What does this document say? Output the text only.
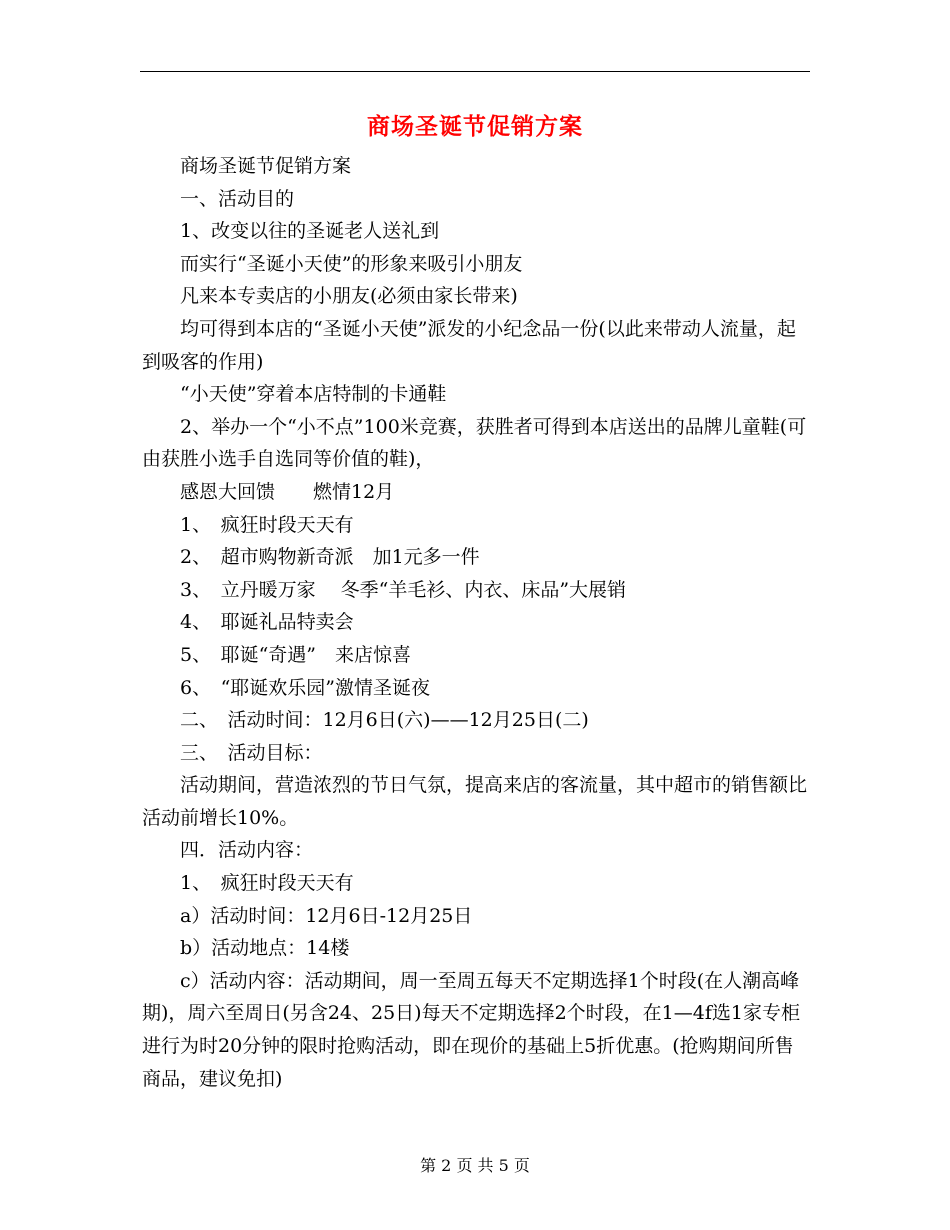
商场圣诞节促销方案

商场圣诞节促销方案

一、活动目的

1、改变以往的圣诞老人送礼到

而实行“圣诞小天使”的形象来吸引小朋友

凡来本专卖店的小朋友(必须由家长带来)

均可得到本店的“圣诞小天使”派发的小纪念品一份(以此来带动人流量，起到吸客的作用)

“小天使”穿着本店特制的卡通鞋

2、举办一个“小不点”100米竞赛，获胜者可得到本店送出的品牌儿童鞋(可由获胜小选手自选同等价值的鞋)，

感恩大回馈　　燃情12月

1、　疯狂时段天天有

2、　超市购物新奇派　加1元多一件

3、　立丹暖万家　 冬季“羊毛衫、内衣、床品”大展销

4、　耶诞礼品特卖会

5、　耶诞“奇遇”　来店惊喜

6、　“耶诞欢乐园”激情圣诞夜

二、　活动时间：12月6日(六)——12月25日(二)

三、　活动目标：

活动期间，营造浓烈的节日气氛，提高来店的客流量，其中超市的销售额比活动前增长10%。

四．活动内容：

1、　疯狂时段天天有

a）活动时间：12月6日-12月25日

b）活动地点：14楼

c）活动内容：活动期间，周一至周五每天不定期选择1个时段(在人潮高峰期)，周六至周日(另含24、25日)每天不定期选择2个时段，在1—4f选1家专柜进行为时20分钟的限时抢购活动，即在现价的基础上5折优惠。(抢购期间所售商品，建议免扣)

第 2 页 共 5 页
